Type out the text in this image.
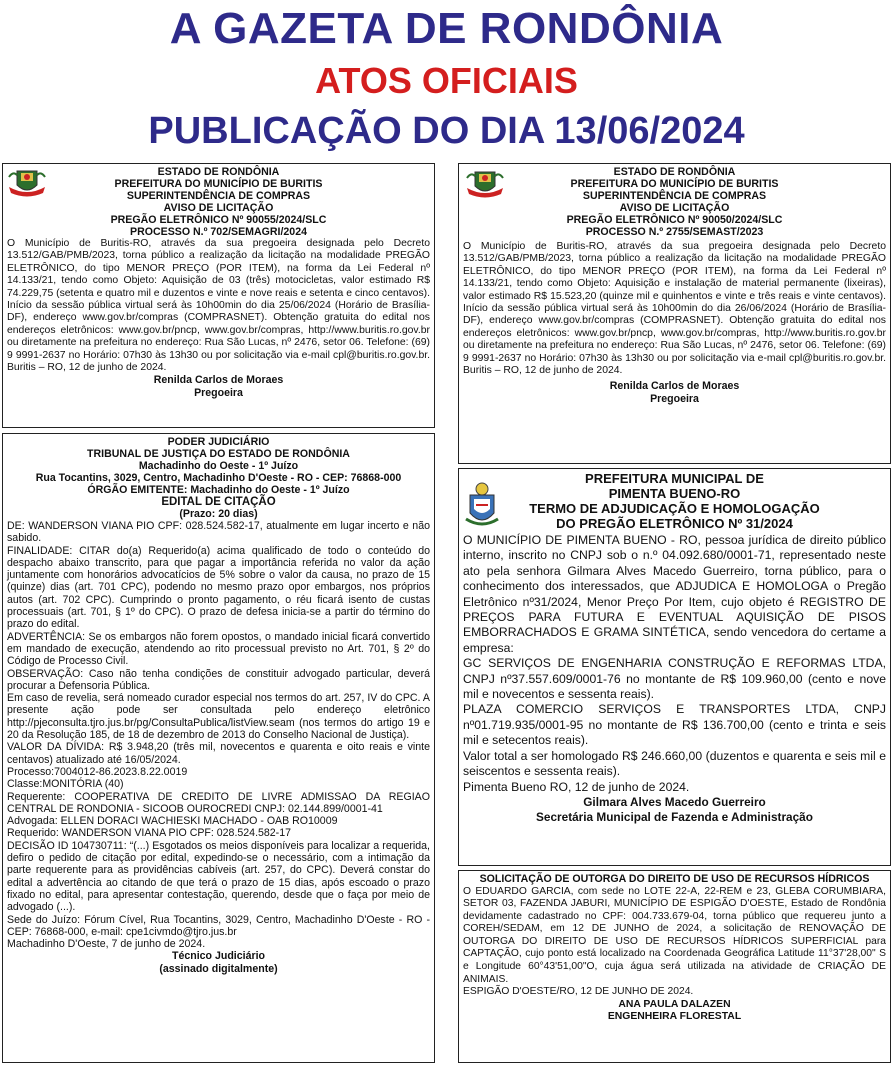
A GAZETA DE RONDÔNIA
ATOS OFICIAIS
PUBLICAÇÃO DO DIA 13/06/2024
ESTADO DE RONDÔNIA
PREFEITURA DO MUNICÍPIO DE BURITIS
SUPERINTENDÊNCIA DE COMPRAS
AVISO DE LICITAÇÃO
PREGÃO ELETRÔNICO Nº 90055/2024/SLC
PROCESSO N.º 702/SEMAGRI/2024

O Município de Buritis-RO, através da sua pregoeira designada pelo Decreto 13.512/GAB/PMB/2023, torna público a realização da licitação na modalidade PREGÃO ELETRÔNICO, do tipo MENOR PREÇO (POR ITEM), na forma da Lei Federal nº 14.133/21, tendo como Objeto: Aquisição de 03 (três) motocicletas, valor estimado R$ 74.229,75 (setenta e quatro mil e duzentos e vinte e nove reais e setenta e cinco centavos). Início da sessão pública virtual será às 10h00min do dia 25/06/2024 (Horário de Brasília-DF), endereço www.gov.br/compras (COMPRASNET). Obtenção gratuita do edital nos endereços eletrônicos: www.gov.br/pncp, www.gov.br/compras, http://www.buritis.ro.gov.br ou diretamente na prefeitura no endereço: Rua São Lucas, nº 2476, setor 06. Telefone: (69) 9 9991-2637 no Horário: 07h30 às 13h30 ou por solicitação via e-mail cpl@buritis.ro.gov.br. Buritis – RO, 12 de junho de 2024.

Renilda Carlos de Moraes
Pregoeira
ESTADO DE RONDÔNIA
PREFEITURA DO MUNICÍPIO DE BURITIS
SUPERINTENDÊNCIA DE COMPRAS
AVISO DE LICITAÇÃO
PREGÃO ELETRÔNICO Nº 90050/2024/SLC
PROCESSO N.º 2755/SEMAST/2023

O Município de Buritis-RO, através da sua pregoeira designada pelo Decreto 13.512/GAB/PMB/2023, torna público a realização da licitação na modalidade PREGÃO ELETRÔNICO, do tipo MENOR PREÇO (POR ITEM), na forma da Lei Federal nº 14.133/21, tendo como Objeto: Aquisição e instalação de material permanente (lixeiras), valor estimado R$ 15.523,20 (quinze mil e quinhentos e vinte e três reais e vinte centavos). Início da sessão pública virtual será às 10h00min do dia 26/06/2024 (Horário de Brasília-DF), endereço www.gov.br/compras (COMPRASNET). Obtenção gratuita do edital nos endereços eletrônicos: www.gov.br/pncp, www.gov.br/compras, http://www.buritis.ro.gov.br ou diretamente na prefeitura no endereço: Rua São Lucas, nº 2476, setor 06. Telefone: (69) 9 9991-2637 no Horário: 07h30 às 13h30 ou por solicitação via e-mail cpl@buritis.ro.gov.br. Buritis – RO, 12 de junho de 2024.

Renilda Carlos de Moraes
Pregoeira
PREFEITURA MUNICIPAL DE
PIMENTA BUENO-RO
TERMO DE ADJUDICAÇÃO E HOMOLOGAÇÃO
DO PREGÃO ELETRÔNICO Nº 31/2024

O MUNICÍPIO DE PIMENTA BUENO - RO, pessoa jurídica de direito público interno, inscrito no CNPJ sob o n.º 04.092.680/0001-71, representado neste ato pela senhora Gilmara Alves Macedo Guerreiro, torna público, para o conhecimento dos interessados, que ADJUDICA E HOMOLOGA o Pregão Eletrônico nº31/2024, Menor Preço Por Item, cujo objeto é REGISTRO DE PREÇOS PARA FUTURA E EVENTUAL AQUISIÇÃO DE PISOS EMBORRACHADOS E GRAMA SINTÉTICA, sendo vencedora do certame a empresa:

GC SERVIÇOS DE ENGENHARIA CONSTRUÇÃO E REFORMAS LTDA, CNPJ nº37.557.609/0001-76 no montante de R$ 109.960,00 (cento e nove mil e novecentos e sessenta reais).

PLAZA COMERCIO SERVIÇOS E TRANSPORTES LTDA, CNPJ nº01.719.935/0001-95 no montante de R$ 136.700,00 (cento e trinta e seis mil e setecentos reais).

Valor total a ser homologado R$ 246.660,00 (duzentos e quarenta e seis mil e seiscentos e sessenta reais).

Pimenta Bueno RO, 12 de junho de 2024.

Gilmara Alves Macedo Guerreiro
Secretária Municipal de Fazenda e Administração
PODER JUDICIÁRIO
TRIBUNAL DE JUSTIÇA DO ESTADO DE RONDÔNIA
Machadinho do Oeste - 1º Juízo
Rua Tocantins, 3029, Centro, Machadinho D'Oeste - RO - CEP: 76868-000
ÓRGÃO EMITENTE: Machadinho do Oeste - 1º Juízo
EDITAL DE CITAÇÃO
(Prazo: 20 dias)

DE: WANDERSON VIANA PIO CPF: 028.524.582-17, atualmente em lugar incerto e não sabido.

FINALIDADE: CITAR do(a) Requerido(a) acima qualificado de todo o conteúdo do despacho abaixo transcrito, para que pagar a importância referida no valor da ação juntamente com honorários advocatícios de 5% sobre o valor da causa, no prazo de 15 (quinze) dias (art. 701 CPC), podendo no mesmo prazo opor embargos, nos próprios autos (art. 702 CPC). Cumprindo o pronto pagamento, o réu ficará isento de custas processuais (art. 701, § 1º do CPC). O prazo de defesa inicia-se a partir do término do prazo do edital.

ADVERTÊNCIA: Se os embargos não forem opostos, o mandado inicial ficará convertido em mandado de execução, atendendo ao rito processual previsto no Art. 701, § 2º do Código de Processo Civil.

OBSERVAÇÃO: Caso não tenha condições de constituir advogado particular, deverá procurar a Defensoria Pública.

Em caso de revelia, será nomeado curador especial nos termos do art. 257, IV do CPC. A presente ação pode ser consultada pelo endereço eletrônico http://pjeconsulta.tjro.jus.br/pg/ConsultaPublica/listView.seam (nos termos do artigo 19 e 20 da Resolução 185, de 18 de dezembro de 2013 do Conselho Nacional de Justiça).

VALOR DA DÍVIDA: R$ 3.948,20 (três mil, novecentos e quarenta e oito reais e vinte centavos) atualizado até 16/05/2024.

Processo:7004012-86.2023.8.22.0019

Classe:MONITÓRIA (40)

Requerente: COOPERATIVA DE CREDITO DE LIVRE ADMISSAO DA REGIAO CENTRAL DE RONDONIA - SICOOB OUROCREDI CNPJ: 02.144.899/0001-41

Advogada: ELLEN DORACI WACHIESKI MACHADO - OAB RO10009

Requerido: WANDERSON VIANA PIO CPF: 028.524.582-17

DECISÃO ID 104730711: “(...) Esgotados os meios disponíveis para localizar a requerida, defiro o pedido de citação por edital, expedindo-se o necessário, com a intimação da parte requerente para as providências cabíveis (art. 257, do CPC). Deverá constar do edital a advertência ao citando de que terá o prazo de 15 dias, após escoado o prazo fixado no edital, para apresentar contestação, querendo, desde que o faça por meio de advogado (...).

Sede do Juízo: Fórum Cível, Rua Tocantins, 3029, Centro, Machadinho D'Oeste - RO - CEP: 76868-000, e-mail: cpe1civmdo@tjro.jus.br

Machadinho D'Oeste, 7 de junho de 2024.

Técnico Judiciário
(assinado digitalmente)
SOLICITAÇÃO DE OUTORGA DO DIREITO DE USO DE RECURSOS HÍDRICOS

O EDUARDO GARCIA, com sede no LOTE 22-A, 22-REM e 23, GLEBA CORUMBIARA, SETOR 03, FAZENDA JABURI, MUNICÍPIO DE ESPIGÃO D'OESTE, Estado de Rondônia devidamente cadastrado no CPF: 004.733.679-04, torna público que requereu junto a COREH/SEDAM, em 12 DE JUNHO de 2024, a solicitação de RENOVAÇÃO DE OUTORGA DO DIREITO DE USO DE RECURSOS HÍDRICOS SUPERFICIAL para CAPTAÇÃO, cujo ponto está localizado na Coordenada Geográfica Latitude 11°37'28,00" S e Longitude 60°43'51,00"O, cuja água será utilizada na atividade de CRIAÇÃO DE ANIMAIS.

ESPIGÃO D'OESTE/RO, 12 DE JUNHO DE 2024.

ANA PAULA DALAZEN
ENGENHEIRA FLORESTAL
